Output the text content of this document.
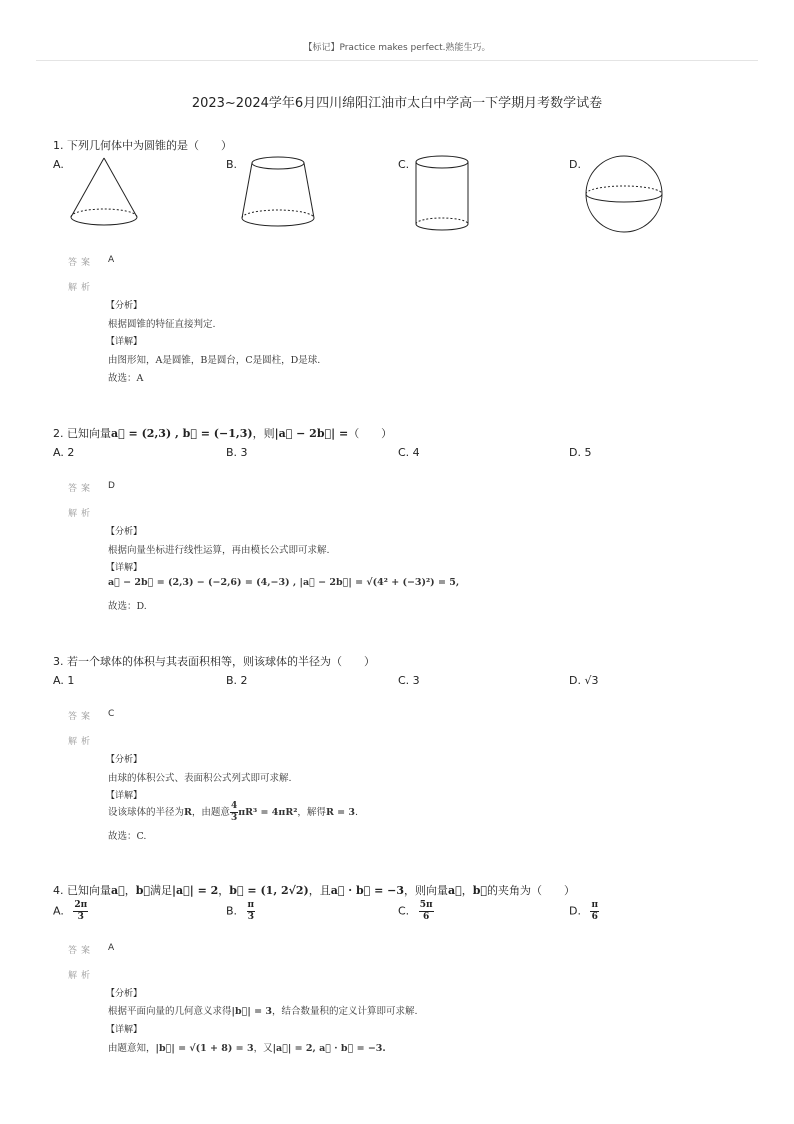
【标记】Practice makes perfect.熟能生巧。
2023~2024学年6月四川绵阳江油市太白中学高一下学期月考数学试卷
1. 下列几何体中为圆锥的是（　　）
A.	B.	C.	D.
答案 A
解析
【分析】
根据圆锥的特征直接判定.
【详解】
由图形知，A是圆锥，B是圆台，C是圆柱，D是球.
故选：A
2. 已知向量a⃗ = (2,3) , b⃗ = (−1,3)，则|a⃗ − 2b⃗| =（　　）
A. 2	B. 3	C. 4	D. 5
答案 D
解析
【分析】
根据向量坐标进行线性运算，再由模长公式即可求解.
【详解】
a⃗ − 2b⃗ = (2,3) − (−2,6) = (4,−3) , |a⃗ − 2b⃗| = √(4² + (−3)²) = 5,
故选：D.
3. 若一个球体的体积与其表面积相等，则该球体的半径为（　　）
A. 1	B. 2	C. 3	D. √3
答案 C
解析
【分析】
由球的体积公式、表面积公式列式即可求解.
【详解】
设该球体的半径为R，由题意 $\frac{4}{3} \pi R^3 = 4\pi R^2$，解得R = 3.
故选：C.
4. 已知向量a⃗，b⃗满足|a⃗| = 2，b⃗ = (1, 2√2)，且a⃗ · b⃗ = −3，则向量a⃗，b⃗的夹角为（　　）
A. $\frac{2\pi}{3}$	B. $\frac{\pi}{3}$	C. $\frac{5\pi}{6}$	D. $\frac{\pi}{6}$
答案 A
解析
【分析】
根据平面向量的几何意义求得|b⃗| = 3，结合数量积的定义计算即可求解.
【详解】
由题意知，|b⃗| = √(1 + 8) = 3，又|a⃗| = 2, a⃗ · b⃗ = −3.
